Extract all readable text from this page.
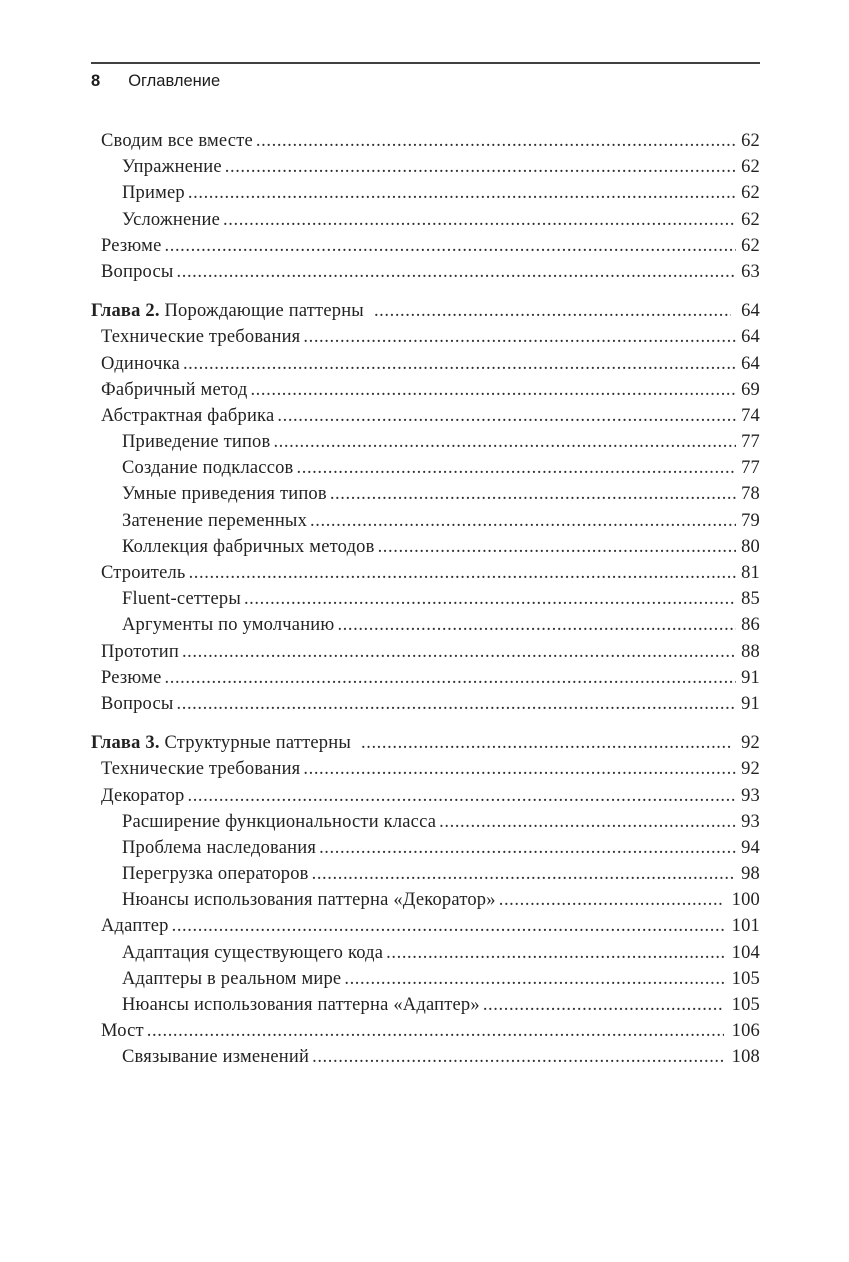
8 Оглавление
Сводим все вместе .....	62
Упражнение .....	62
Пример .....	62
Усложнение .....	62
Резюме .....	62
Вопросы .....	63
Глава 2. Порождающие паттерны .....	64
Технические требования .....	64
Одиночка .....	64
Фабричный метод .....	69
Абстрактная фабрика .....	74
Приведение типов .....	77
Создание подклассов .....	77
Умные приведения типов .....	78
Затенение переменных .....	79
Коллекция фабричных методов .....	80
Строитель .....	81
Fluent-сеттеры .....	85
Аргументы по умолчанию .....	86
Прототип .....	88
Резюме .....	91
Вопросы .....	91
Глава 3. Структурные паттерны .....	92
Технические требования .....	92
Декоратор .....	93
Расширение функциональности класса .....	93
Проблема наследования .....	94
Перегрузка операторов .....	98
Нюансы использования паттерна «Декоратор» .....	100
Адаптер .....	101
Адаптация существующего кода .....	104
Адаптеры в реальном мире .....	105
Нюансы использования паттерна «Адаптер» .....	105
Мост .....	106
Связывание изменений .....	108
